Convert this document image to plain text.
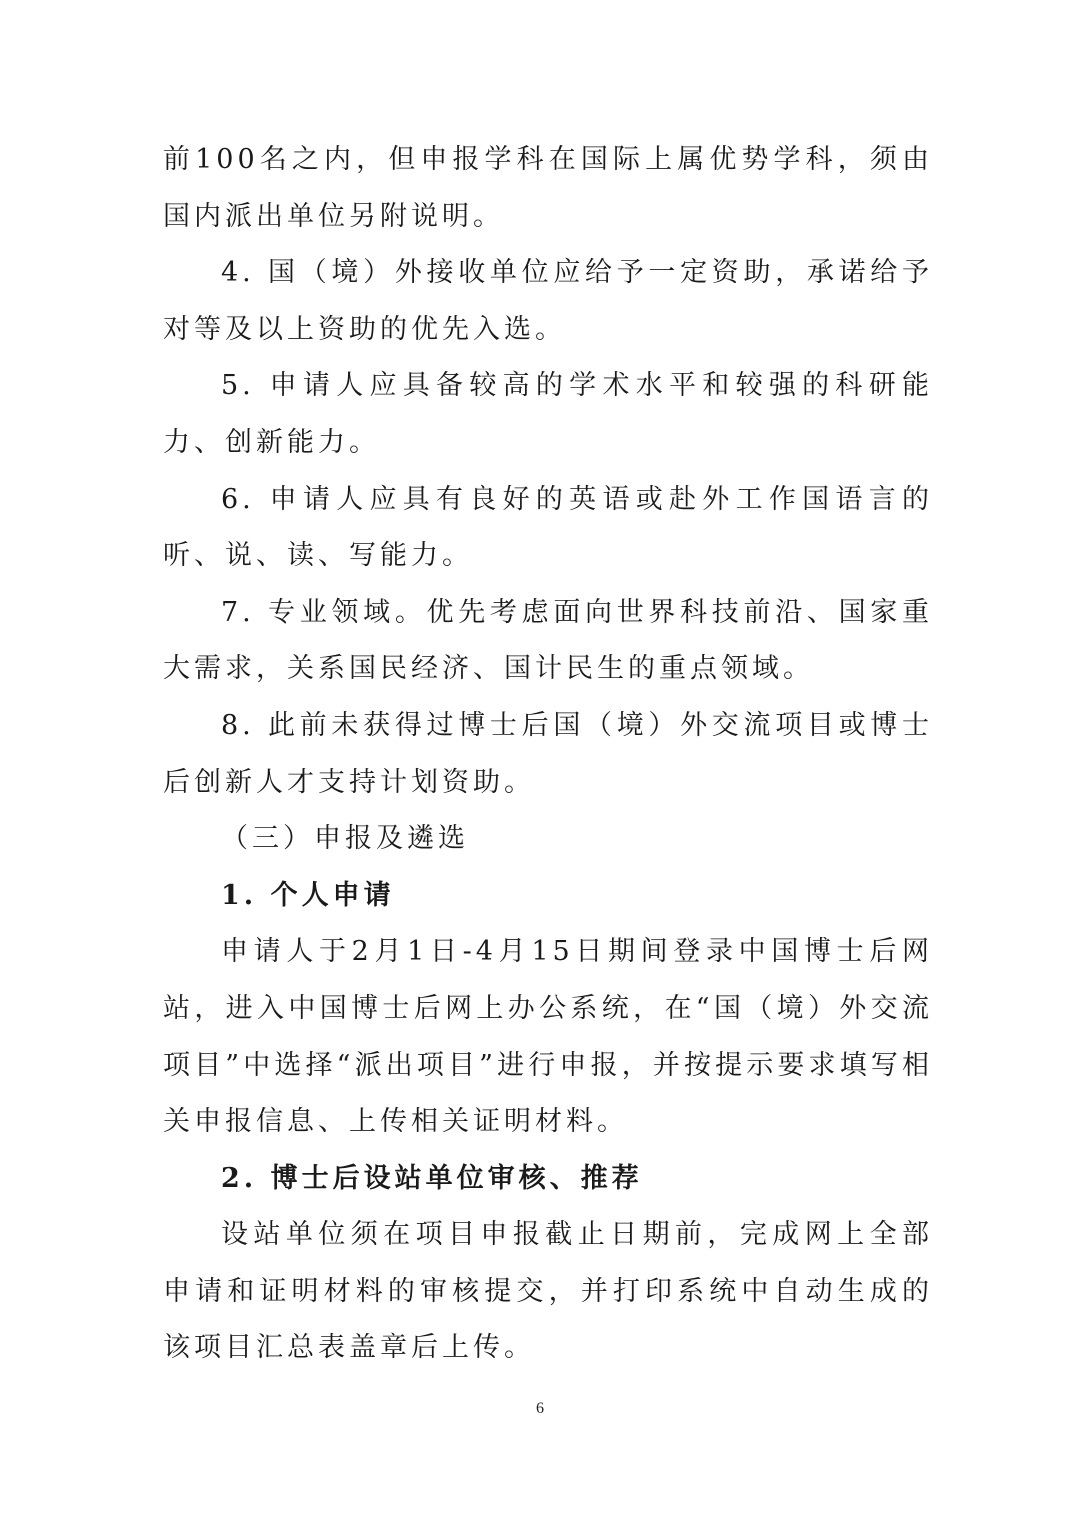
前100名之内，但申报学科在国际上属优势学科，须由国内派出单位另附说明。

4. 国（境）外接收单位应给予一定资助，承诺给予对等及以上资助的优先入选。

5. 申请人应具备较高的学术水平和较强的科研能力、创新能力。

6. 申请人应具有良好的英语或赴外工作国语言的听、说、读、写能力。

7. 专业领域。优先考虑面向世界科技前沿、国家重大需求，关系国民经济、国计民生的重点领域。

8. 此前未获得过博士后国（境）外交流项目或博士后创新人才支持计划资助。

（三）申报及遴选

1. 个人申请

申请人于2月1日-4月15日期间登录中国博士后网站，进入中国博士后网上办公系统，在“国（境）外交流项目”中选择“派出项目”进行申报，并按提示要求填写相关申报信息、上传相关证明材料。

2. 博士后设站单位审核、推荐

设站单位须在项目申报截止日期前，完成网上全部申请和证明材料的审核提交，并打印系统中自动生成的该项目汇总表盖章后上传。

6
